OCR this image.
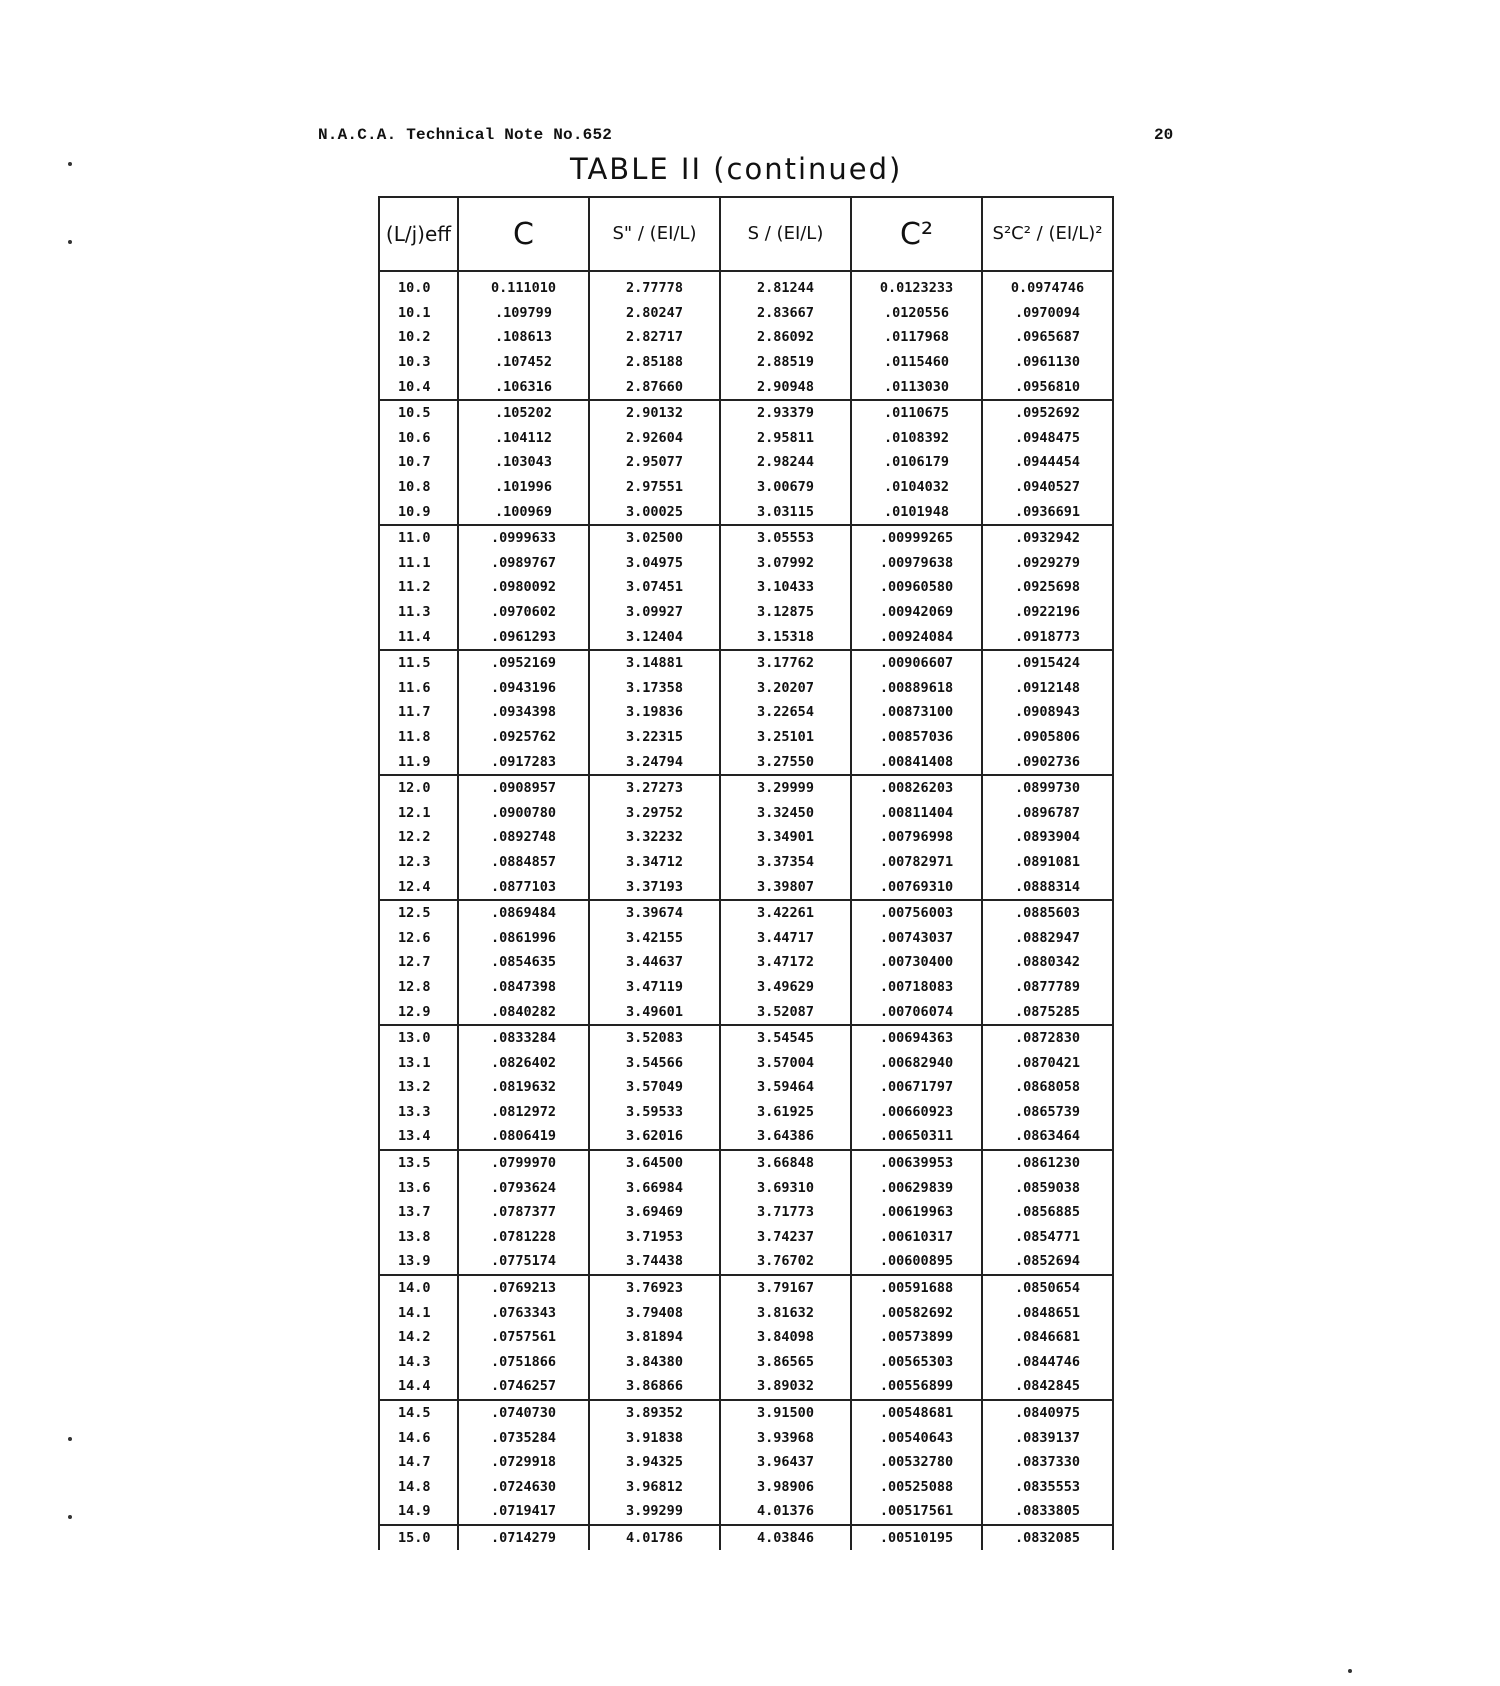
N.A.C.A. Technical Note No.652	20
TABLE II (continued)
(L/j)eff	C	S" / (EI/L)	S / (EI/L)	C²	S²C² / (EI/L)²
10.0	0.111010	2.77778	2.81244	0.0123233	0.0974746
10.1	.109799	2.80247	2.83667	.0120556	.0970094
10.2	.108613	2.82717	2.86092	.0117968	.0965687
10.3	.107452	2.85188	2.88519	.0115460	.0961130
10.4	.106316	2.87660	2.90948	.0113030	.0956810
10.5	.105202	2.90132	2.93379	.0110675	.0952692
10.6	.104112	2.92604	2.95811	.0108392	.0948475
10.7	.103043	2.95077	2.98244	.0106179	.0944454
10.8	.101996	2.97551	3.00679	.0104032	.0940527
10.9	.100969	3.00025	3.03115	.0101948	.0936691
11.0	.0999633	3.02500	3.05553	.00999265	.0932942
11.1	.0989767	3.04975	3.07992	.00979638	.0929279
11.2	.0980092	3.07451	3.10433	.00960580	.0925698
11.3	.0970602	3.09927	3.12875	.00942069	.0922196
11.4	.0961293	3.12404	3.15318	.00924084	.0918773
11.5	.0952169	3.14881	3.17762	.00906607	.0915424
11.6	.0943196	3.17358	3.20207	.00889618	.0912148
11.7	.0934398	3.19836	3.22654	.00873100	.0908943
11.8	.0925762	3.22315	3.25101	.00857036	.0905806
11.9	.0917283	3.24794	3.27550	.00841408	.0902736
12.0	.0908957	3.27273	3.29999	.00826203	.0899730
12.1	.0900780	3.29752	3.32450	.00811404	.0896787
12.2	.0892748	3.32232	3.34901	.00796998	.0893904
12.3	.0884857	3.34712	3.37354	.00782971	.0891081
12.4	.0877103	3.37193	3.39807	.00769310	.0888314
12.5	.0869484	3.39674	3.42261	.00756003	.0885603
12.6	.0861996	3.42155	3.44717	.00743037	.0882947
12.7	.0854635	3.44637	3.47172	.00730400	.0880342
12.8	.0847398	3.47119	3.49629	.00718083	.0877789
12.9	.0840282	3.49601	3.52087	.00706074	.0875285
13.0	.0833284	3.52083	3.54545	.00694363	.0872830
13.1	.0826402	3.54566	3.57004	.00682940	.0870421
13.2	.0819632	3.57049	3.59464	.00671797	.0868058
13.3	.0812972	3.59533	3.61925	.00660923	.0865739
13.4	.0806419	3.62016	3.64386	.00650311	.0863464
13.5	.0799970	3.64500	3.66848	.00639953	.0861230
13.6	.0793624	3.66984	3.69310	.00629839	.0859038
13.7	.0787377	3.69469	3.71773	.00619963	.0856885
13.8	.0781228	3.71953	3.74237	.00610317	.0854771
13.9	.0775174	3.74438	3.76702	.00600895	.0852694
14.0	.0769213	3.76923	3.79167	.00591688	.0850654
14.1	.0763343	3.79408	3.81632	.00582692	.0848651
14.2	.0757561	3.81894	3.84098	.00573899	.0846681
14.3	.0751866	3.84380	3.86565	.00565303	.0844746
14.4	.0746257	3.86866	3.89032	.00556899	.0842845
14.5	.0740730	3.89352	3.91500	.00548681	.0840975
14.6	.0735284	3.91838	3.93968	.00540643	.0839137
14.7	.0729918	3.94325	3.96437	.00532780	.0837330
14.8	.0724630	3.96812	3.98906	.00525088	.0835553
14.9	.0719417	3.99299	4.01376	.00517561	.0833805
15.0	.0714279	4.01786	4.03846	.00510195	.0832085
